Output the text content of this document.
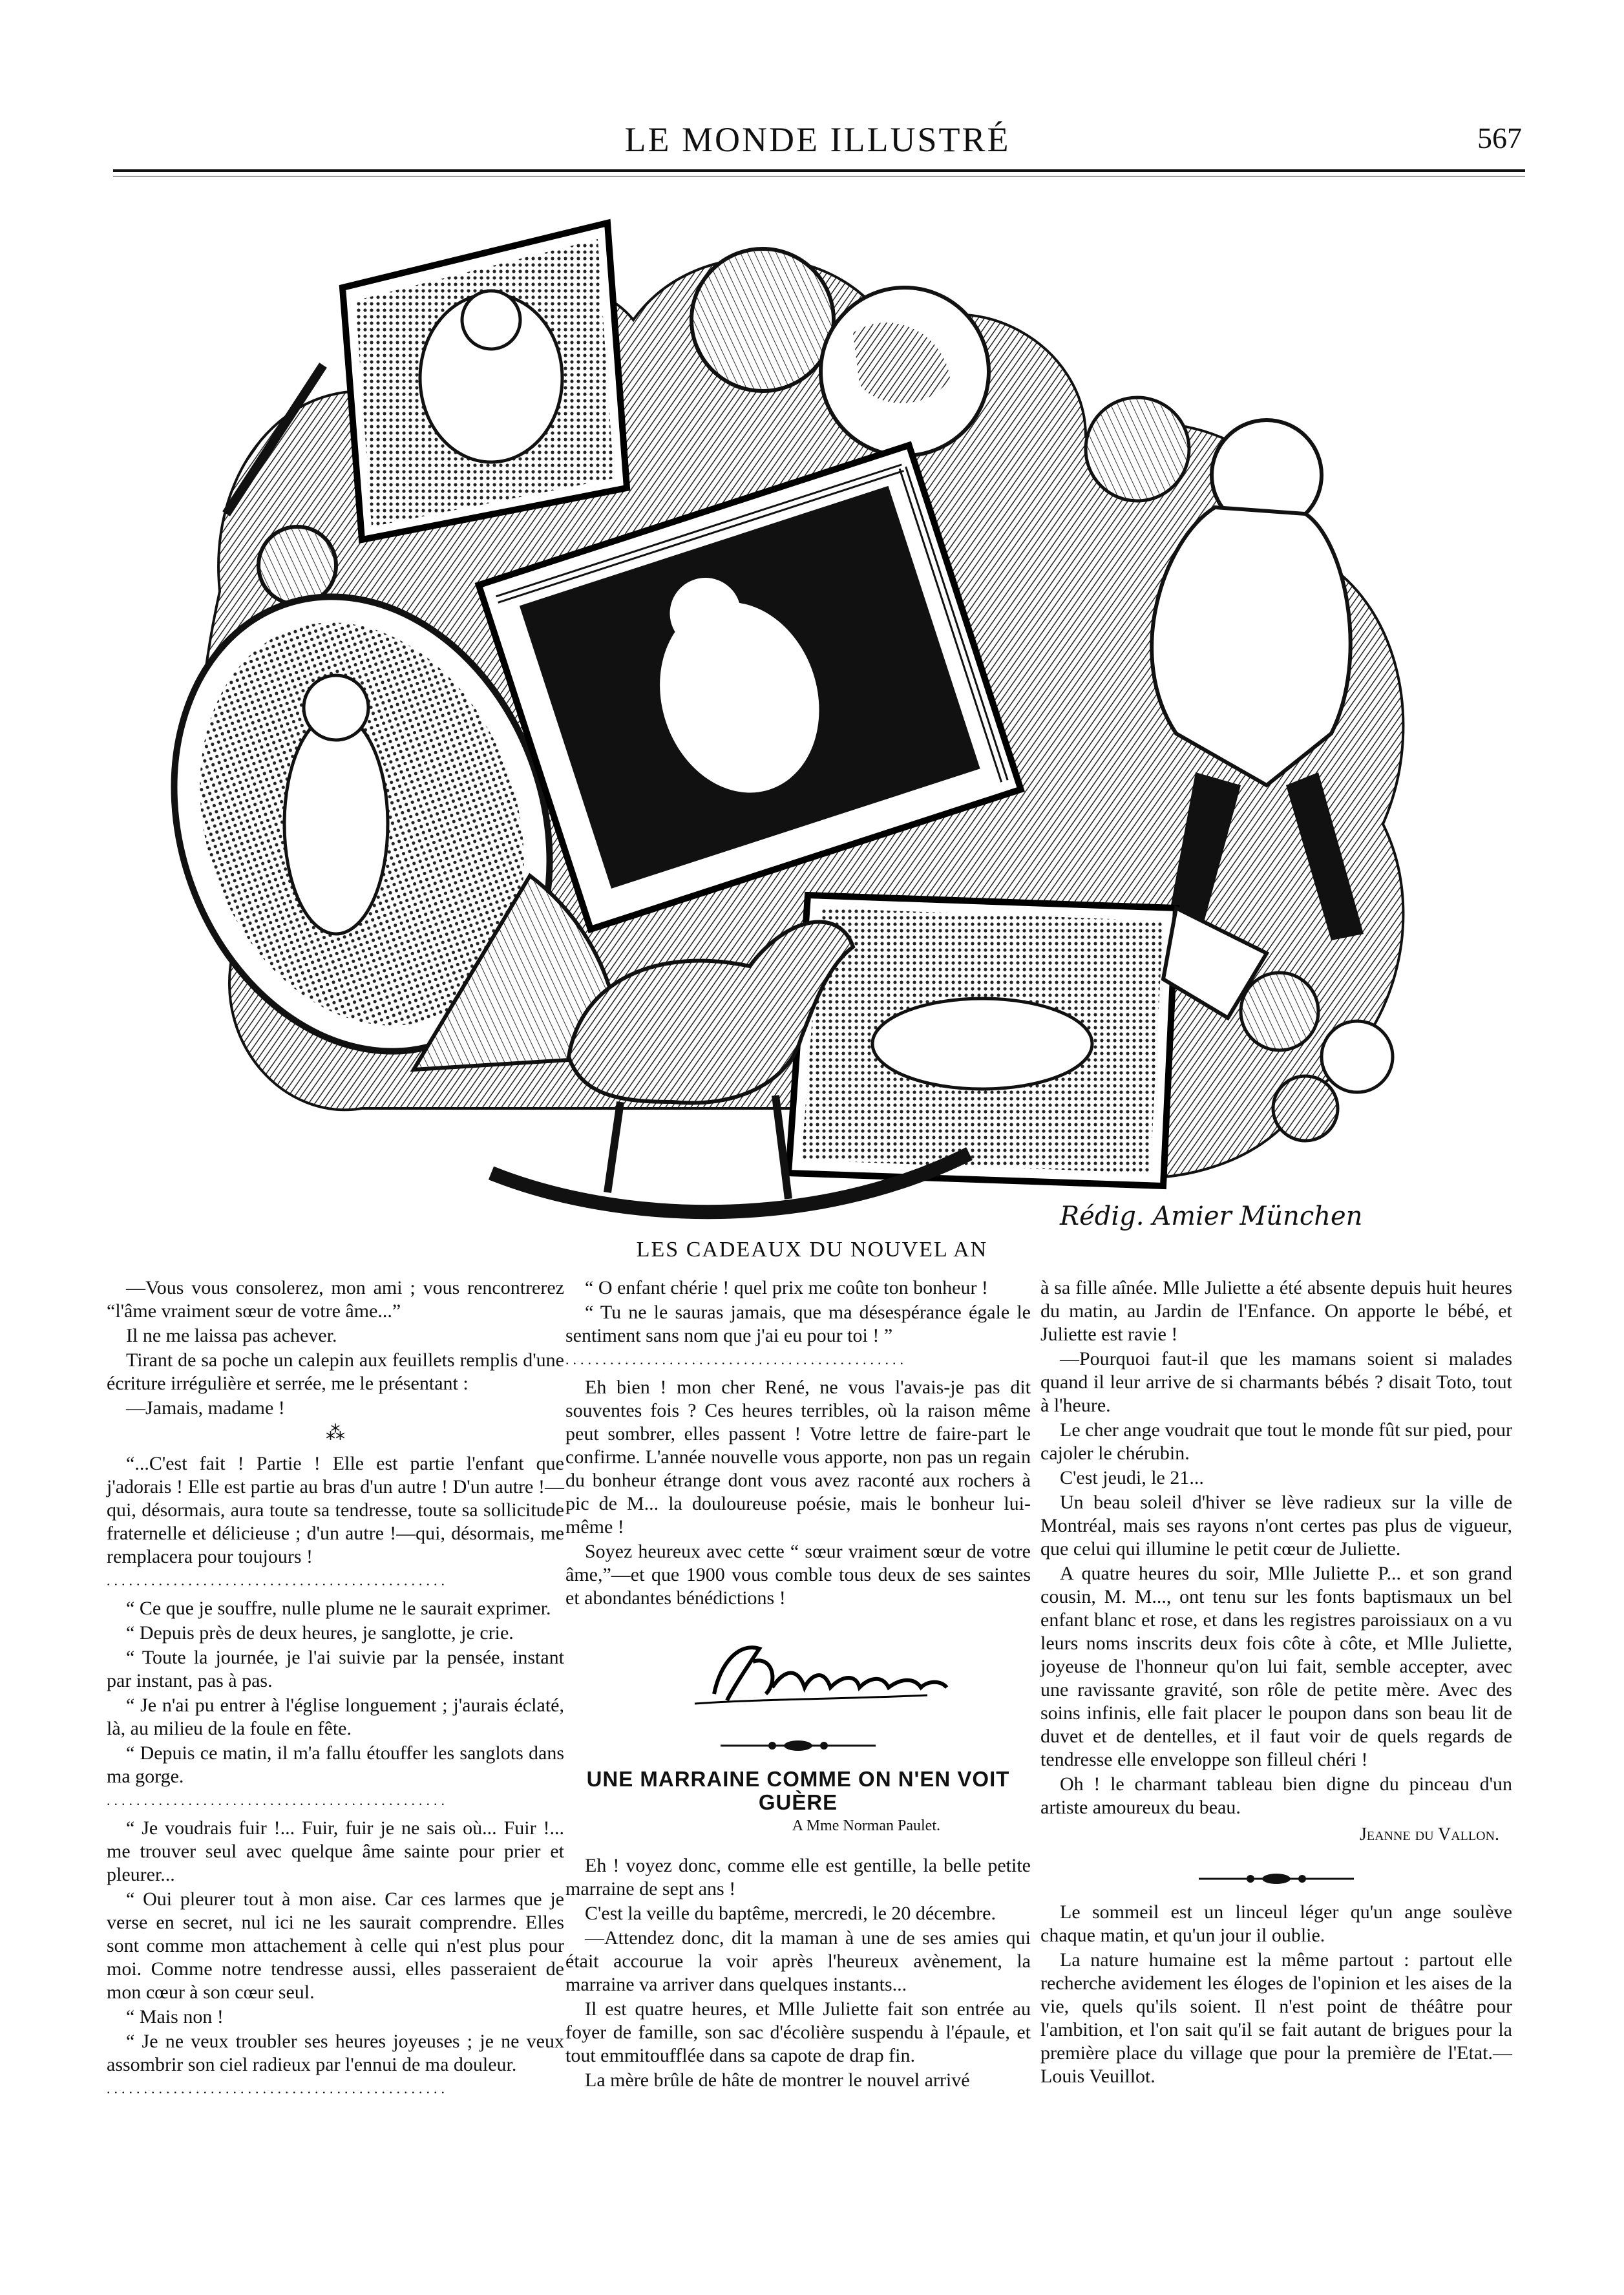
LE MONDE ILLUSTRÉ	567
Rédig. Amier München
LES CADEAUX DU NOUVEL AN

—Vous vous consolerez, mon ami ; vous rencontrerez “l'âme vraiment sœur de votre âme...”

Il ne me laissa pas achever.

Tirant de sa poche un calepin aux feuillets remplis d'une écriture irrégulière et serrée, me le présentant :

—Jamais, madame !

⁂

“...C'est fait ! Partie ! Elle est partie l'enfant que j'adorais ! Elle est partie au bras d'un autre ! D'un autre !—qui, désormais, aura toute sa tendresse, toute sa sollicitude fraternelle et délicieuse ; d'un autre !—qui, désormais, me remplacera pour toujours !

..............................................

“ Ce que je souffre, nulle plume ne le saurait exprimer.

“ Depuis près de deux heures, je sanglotte, je crie.

“ Toute la journée, je l'ai suivie par la pensée, instant par instant, pas à pas.

“ Je n'ai pu entrer à l'église longuement ; j'aurais éclaté, là, au milieu de la foule en fête.

“ Depuis ce matin, il m'a fallu étouffer les sanglots dans ma gorge.

..............................................

“ Je voudrais fuir !... Fuir, fuir je ne sais où... Fuir !... me trouver seul avec quelque âme sainte pour prier et pleurer...

“ Oui pleurer tout à mon aise. Car ces larmes que je verse en secret, nul ici ne les saurait comprendre. Elles sont comme mon attachement à celle qui n'est plus pour moi. Comme notre tendresse aussi, elles passeraient de mon cœur à son cœur seul.

“ Mais non !

“ Je ne veux troubler ses heures joyeuses ; je ne veux assombrir son ciel radieux par l'ennui de ma douleur.

..............................................

“ O enfant chérie ! quel prix me coûte ton bonheur !

“ Tu ne le sauras jamais, que ma désespérance égale le sentiment sans nom que j'ai eu pour toi ! ”

..............................................

Eh bien ! mon cher René, ne vous l'avais-je pas dit souventes fois ? Ces heures terribles, où la raison même peut sombrer, elles passent ! Votre lettre de faire-part le confirme. L'année nouvelle vous apporte, non pas un regain du bonheur étrange dont vous avez raconté aux rochers à pic de M... la douloureuse poésie, mais le bonheur lui-même !

Soyez heureux avec cette “ sœur vraiment sœur de votre âme,”—et que 1900 vous comble tous deux de ses saintes et abondantes bénédictions !

UNE MARRAINE COMME ON N'EN VOIT GUÈRE
A Mme Norman Paulet.

Eh ! voyez donc, comme elle est gentille, la belle petite marraine de sept ans !

C'est la veille du baptême, mercredi, le 20 décembre.

—Attendez donc, dit la maman à une de ses amies qui était accourue la voir après l'heureux avènement, la marraine va arriver dans quelques instants...

Il est quatre heures, et Mlle Juliette fait son entrée au foyer de famille, son sac d'écolière suspendu à l'épaule, et tout emmitoufflée dans sa capote de drap fin.

La mère brûle de hâte de montrer le nouvel arrivé

à sa fille aînée. Mlle Juliette a été absente depuis huit heures du matin, au Jardin de l'Enfance. On apporte le bébé, et Juliette est ravie !

—Pourquoi faut-il que les mamans soient si malades quand il leur arrive de si charmants bébés ? disait Toto, tout à l'heure.

Le cher ange voudrait que tout le monde fût sur pied, pour cajoler le chérubin.

C'est jeudi, le 21...

Un beau soleil d'hiver se lève radieux sur la ville de Montréal, mais ses rayons n'ont certes pas plus de vigueur, que celui qui illumine le petit cœur de Juliette.

A quatre heures du soir, Mlle Juliette P... et son grand cousin, M. M..., ont tenu sur les fonts baptismaux un bel enfant blanc et rose, et dans les registres paroissiaux on a vu leurs noms inscrits deux fois côte à côte, et Mlle Juliette, joyeuse de l'honneur qu'on lui fait, semble accepter, avec une ravissante gravité, son rôle de petite mère. Avec des soins infinis, elle fait placer le poupon dans son beau lit de duvet et de dentelles, et il faut voir de quels regards de tendresse elle enveloppe son filleul chéri !

Oh ! le charmant tableau bien digne du pinceau d'un artiste amoureux du beau.

Jeanne du Vallon.

Le sommeil est un linceul léger qu'un ange soulève chaque matin, et qu'un jour il oublie.

La nature humaine est la même partout : partout elle recherche avidement les éloges de l'opinion et les aises de la vie, quels qu'ils soient. Il n'est point de théâtre pour l'ambition, et l'on sait qu'il se fait autant de brigues pour la première place du village que pour la première de l'Etat.—Louis Veuillot.
